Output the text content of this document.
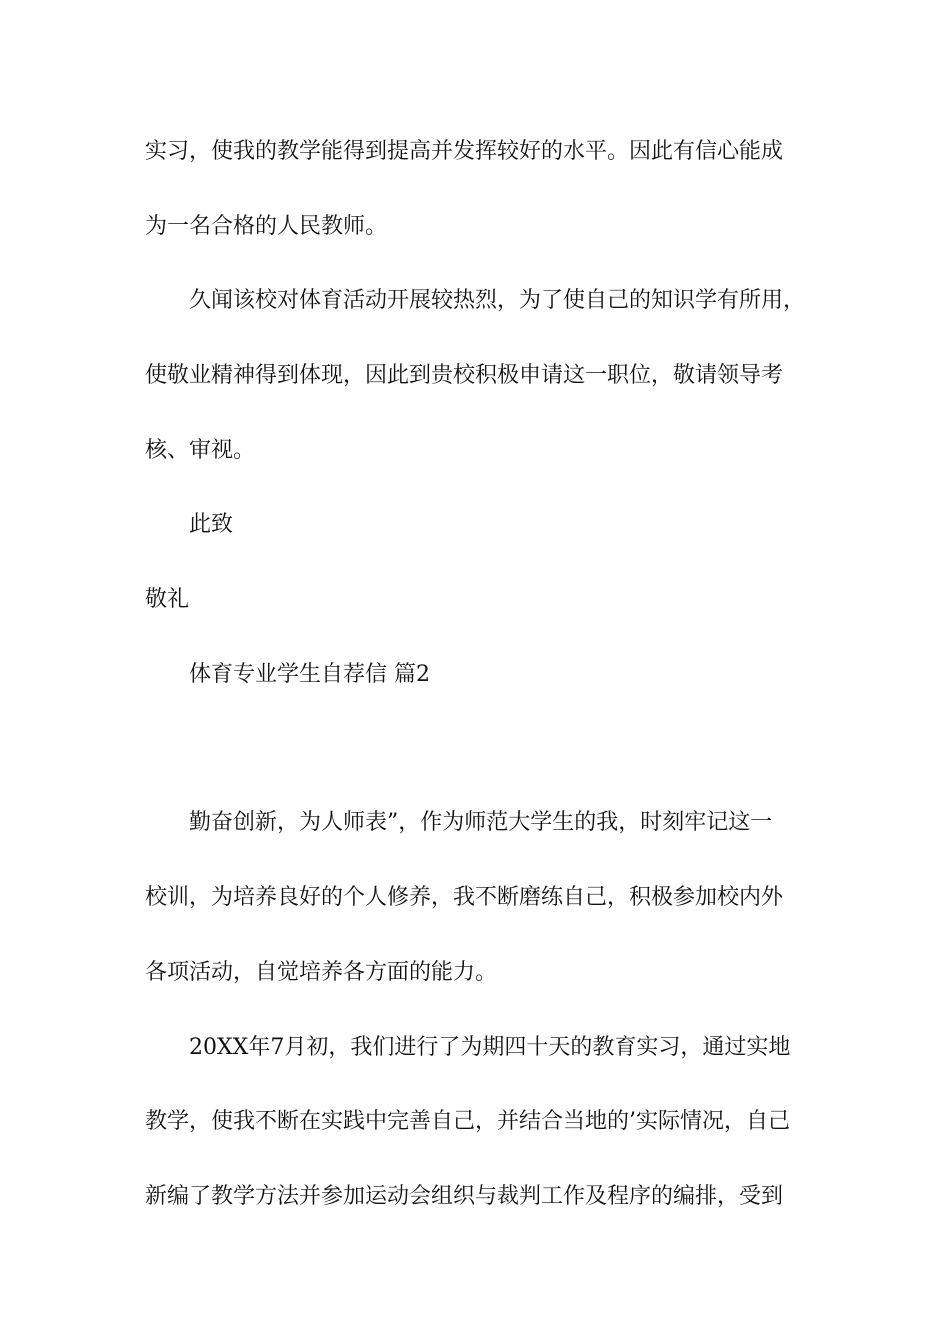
实习，使我的教学能得到提高并发挥较好的水平。因此有信心能成
为一名合格的人民教师。
久闻该校对体育活动开展较热烈，为了使自己的知识学有所用，
使敬业精神得到体现，因此到贵校积极申请这一职位，敬请领导考
核、审视。
此致
敬礼
体育专业学生自荐信 篇2
勤奋创新，为人师表”，作为师范大学生的我，时刻牢记这一
校训，为培养良好的个人修养，我不断磨练自己，积极参加校内外
各项活动，自觉培养各方面的能力。
20XX年7月初，我们进行了为期四十天的教育实习，通过实地
教学，使我不断在实践中完善自己，并结合当地的’实际情况，自己
新编了教学方法并参加运动会组织与裁判工作及程序的编排，受到
